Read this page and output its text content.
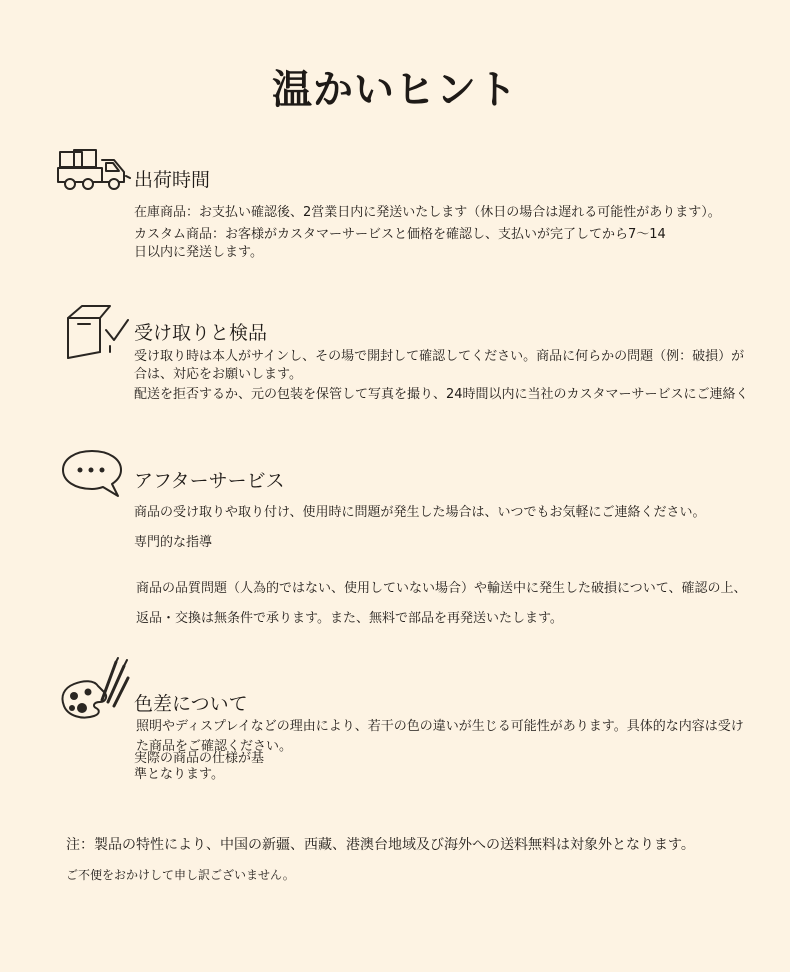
温かいヒント
出荷時間

在庫商品：お支払い確認後、2営業日内に発送いたします（休日の場合は遅れる可能性があります）。

カスタム商品：お客様がカスタマーサービスと価格を確認し、支払いが完了してから7〜14

日以内に発送します。

受け取りと検品

受け取り時は本人がサインし、その場で開封して確認してください。商品に何らかの問題（例：破損）が

合は、対応をお願いします。

配送を拒否するか、元の包装を保管して写真を撮り、24時間以内に当社のカスタマーサービスにご連絡く

アフターサービス

商品の受け取りや取り付け、使用時に問題が発生した場合は、いつでもお気軽にご連絡ください。

専門的な指導

商品の品質問題（人為的ではない、使用していない場合）や輸送中に発生した破損について、確認の上、

返品・交換は無条件で承ります。また、無料で部品を再発送いたします。

色差について

照明やディスプレイなどの理由により、若干の色の違いが生じる可能性があります。具体的な内容は受け

た商品をご確認ください。

実際の商品の仕様が基

準となります。

注：製品の特性により、中国の新疆、西藏、港澳台地域及び海外への送料無料は対象外となります。

ご不便をおかけして申し訳ございません。
